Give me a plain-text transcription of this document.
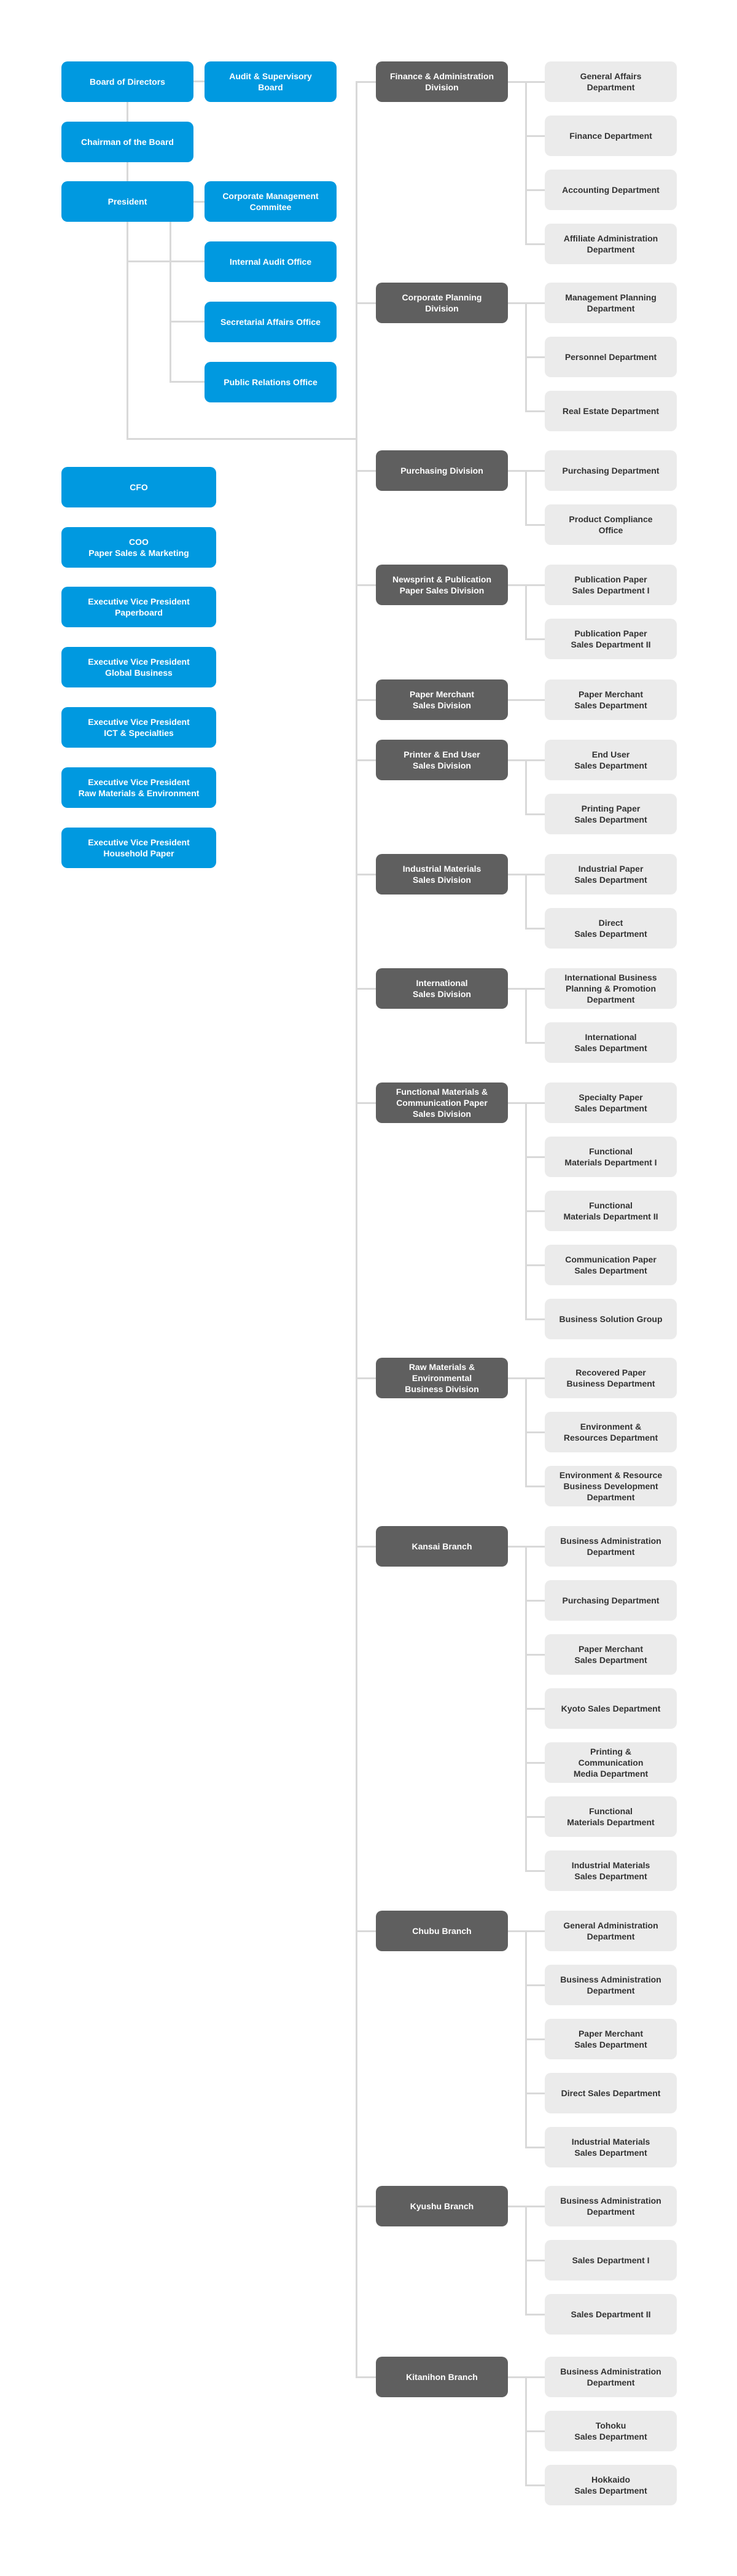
Board of Directors
Audit & Supervisory
Board
Chairman of the Board
President
Corporate Management
Commitee
Internal Audit Office
Secretarial Affairs Office
Public Relations Office
CFO
COO
Paper Sales & Marketing
Executive Vice President
Paperboard
Executive Vice President
Global Business
Executive Vice President
ICT & Specialties
Executive Vice President
Raw Materials & Environment
Executive Vice President
Household Paper
Finance & Administration
Division
General Affairs
Department
Finance Department
Accounting Department
Affiliate Administration
Department
Corporate Planning
Division
Management Planning
Department
Personnel Department
Real Estate Department
Purchasing Division	Purchasing Department
Product Compliance
Office
Newsprint & Publication
Paper Sales Division
Publication Paper
Sales Department I
Publication Paper
Sales Department II
Paper Merchant
Sales Division
Paper Merchant
Sales Department
Printer & End User
Sales Division
End User
Sales Department
Printing Paper
Sales Department
Industrial Materials
Sales Division
Industrial Paper
Sales Department
Direct
Sales Department
International
Sales Division
International Business
Planning & Promotion
Department
International
Sales Department
Functional Materials &
Communication Paper
Sales Division
Specialty Paper
Sales Department
Functional
Materials Department I
Functional
Materials Department II
Communication Paper
Sales Department
Business Solution Group
Raw Materials &
Environmental
Business Division
Recovered Paper
Business Department
Environment &
Resources Department
Environment & Resource
Business Development
Department
Kansai Branch
Business Administration
Department
Purchasing Department
Paper Merchant
Sales Department
Kyoto Sales Department
Printing &
Communication
Media Department
Functional
Materials Department
Industrial Materials
Sales Department
Chubu Branch
General Administration
Department
Business Administration
Department
Paper Merchant
Sales Department
Direct Sales Department
Industrial Materials
Sales Department
Kyushu Branch
Business Administration
Department
Sales Department I
Sales Department II
Kitanihon Branch
Business Administration
Department
Tohoku
Sales Department
Hokkaido
Sales Department
